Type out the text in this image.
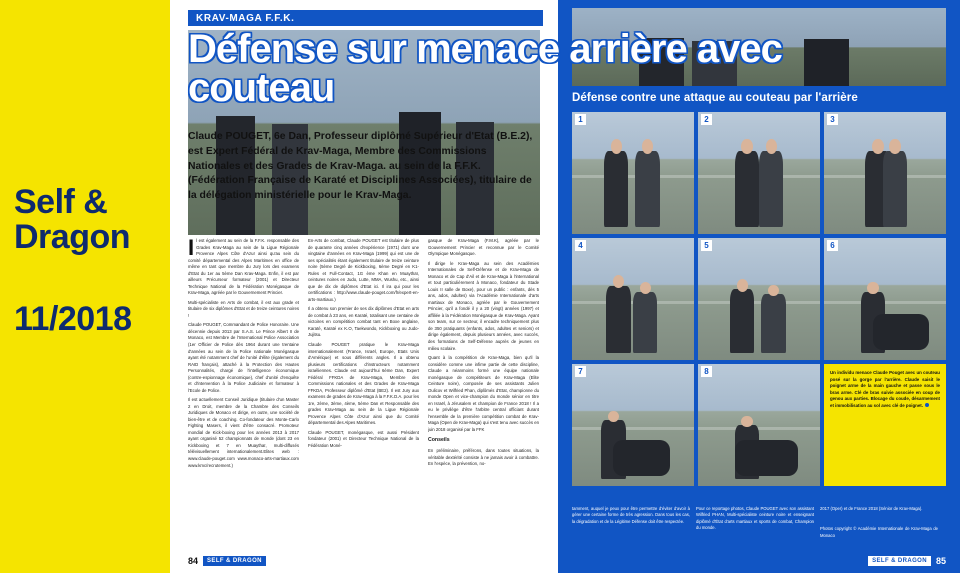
Self &
Dragon
11/2018
KRAV-MAGA F.F.K.
Défense sur menace arrière avec couteau
Claude POUGET, 6e Dan, Professeur diplômé Supérieur d'Etat (B.E.2), est Expert Fédéral de Krav-Maga, Membre des Commissions Nationales et des Grades de Krav-Maga. au sein de la F.F.K. (Fédération Française de Karaté et Disciplines Associées), titulaire de la délégation ministérielle pour le Krav-Maga.

Il est également au sein de la F.F.K. responsable des Grades Krav-Maga au sein de la Ligue Régionale Provence Alpes Côte d'Azur ainsi qu'au sein du comité départemental des Alpes Maritimes en office de même en tant que membre du Jury lors des examens d'Etat du 1er au 5ème Dan Krav-Maga. Enfin, il est par ailleurs Précurseur formateur (2001) et Directeur Technique National de la Fédération Monégasque de Krav-Maga, agréée par le Gouvernement Princier.

Multi-spécialiste en Arts de combat, il est aux grade et titulaire de six diplômes d'Etat et de treize ceintures noires !

Claude POUGET, Commandant de Police Honoraire. Une décennie depuis 2013 par S.A.S. Le Prince Albert II de Monaco, est Membre de l'International Police Association (1er Officier de Police dès 1964 durant une trentaine d'années au sein de la Police nationale Monégasque ayant été notamment chef de l'unité d'élite (également du RAID français), attaché à la Protection des Hautes Personnalités, chargé de l'intelligence économique (contre-espionnage économique), chef d'unité d'enquête et d'intervention à la Police Judiciaire et formateur à l'Ecole de Police.

Il est actuellement Conseil Juridique (titulaire d'un Master 2 en Droit, membre de la Chambre des Conseils Juridiques de Monaco et dirige, en outre, une société de bien-être et de coaching. Co-fondateur des Monte-Carlo Fighting Masers, il vient d'être consacré. Promoteur mondial de Kick-boxing pour les années 2013 à 2017 ayant organisé 52 championnats de monde (dont 23 en Kickboxing et 7 en Muaythaï, multi-diffusés télévisuellement internationalement.Elites web : www.claude-pouget.com www.monaco-arts-martiaux.com www.kmc/recrutement.)

En-Arts de combat, Claude POUGET est titulaire de plus de quarante cinq années d'expérience (1971) dont une vingtaine d'années en Krav-Maga (1999) qui est une de ses spécialités étant également titulaire de treize ceinture noire (5ème Degré de Kickboxing, 6ème Degré en K1-Rules et Full-Contact, 1G ème Khan en Muaythaï, ceintures noires en Judo, Lutte, MMA, Wushu, etc., ainsi que de dix de diplômes d'Etat ici. Il ira qui pour les certifications : http://www.claude-pouget.com/fr/expert-en-arts-martiaux.)

Il a obtenu son premier de ses dix diplômes d'Etat en arts de combat à 23 ans, en Karaté, totalisant une centaine de victoires en compétition combat tant en Boxe anglaise, Karaté, Karaté ex K.O, Taekwondo, Kickboxing ou Judo-Jujitsu.

Claude POUGET pratique le Krav-Maga internationalement (France, Israël, Europe, Etats Unis d'Amérique) et sous différents angles. Il a obtenu plusieurs certifications d'instructeurs notamment israéliennes. Claude est aujourd'hui 6ème Dan, Expert Fédéral FFKDA de Krav-Maga, Membre des Commissions nationales et des Grades de Krav-Maga FFKDA, Professeur diplômé d'Etat (BE2). Il est Jury aux examens de grades de Krav-Maga à la F.F.K.D.A. pour les 1re, 2ème, 3ème, 4ème, 5ème Dan et Responsable des grades Krav-Maga au sein de la Ligue Régionale Provence Alpes Côte d'Azur ainsi que du Comité départemental des Alpes Maritimes.

Claude POUGET, monégasque, est aussi Président fondateur (2001) et Directeur Technique National de la Fédération Moné-

gasque de Krav-Maga (F.M.K), agréée par le Gouvernement Princier et reconnue par le Comité Olympique Monégasque.

Il dirige le Krav-Maga au sein des Académies Internationales de Self-Défense et de Krav-Maga de Monaco et de Cap d'Ail et de Krav-Maga à l'international et tout particulièrement à Monaco, fondateur du Stade Louis II salle de Boxe), pour un public : enfants, dès 5 ans, ados, adultes) via l'Académie Internationale d'arts martiaux de Monaco, agréée par le Gouvernement Princier, qu'il a fondé il y a 20 (vingt) années (1997) et affiliée à la Fédération Monégasque de Krav-Maga. Ayant son team, sur ce secteur, il encadre techniquement plus de 350 pratiquants (enfants, ados, adultes et seniors) et dirige également, depuis plusieurs années, avec succès, des formations de Self-Défense auprès de jeunes en milieu scolaire.

Quant à la compétition de Krav-Maga, bien qu'il la considère comme une infime partie de cette discipline, Claude a néanmoins formé une équipe nationale monégasque de compétiteurs de Krav-Maga (Elite Ceinture noire), composée de ses assistants Julien Oulicov et Wilfried Phan, diplômés d'Etat, championne du monde Open et vice-champion du monde sénior en titre en Israël, à Jérusalem et champion de France 2018 ! Il a eu le privilège d'être l'arbitre central officiant durant l'ensemble de la première compétition combat de Krav-Maga (Open de Krav-Maga) qui s'est tenu avec succès en juin 2018 organisé par la FFK

Conseils

En préliminaire, préférons, dans toutes situations, la véritable dextérité consiste à ne jamais avoir à combattre. En l'espèce, la prévention, no-

84	SELF & DRAGON
Défense contre une attaque au couteau par l'arrière
1	2	3
4	5	6
7	8	Un individu menace Claude Pouget avec un couteau posé sur la gorge par l'arrière. Claude saisit le poignet arme de la main gauche et passe sous le bras arme. Clé de bras suivie associée en coup de genou aux parties. Blocage du coude, désarmement et immobilisation au sol avec clé de poignet.
tamment, auquel je peux pour être permettre d'éviter d'avoir à gérer une certaine forme de très agression. Dans tous les cas, la dégradation et de la Légitime Défense doit être respectée.
Pour ce reportage photos, Claude POUGET avec son assistant Wilfried PHAN, Multi-spécialiste ceinture noire et enseignant diplômé d'État d'arts martiaux et sports de combat, Champion du monde.
2017 (Oper) et de France 2018 (Sénior de Krav-Maga).
Photos copyright © Académie Internationale de Krav-Maga de Monaco
SELF & DRAGON	85
